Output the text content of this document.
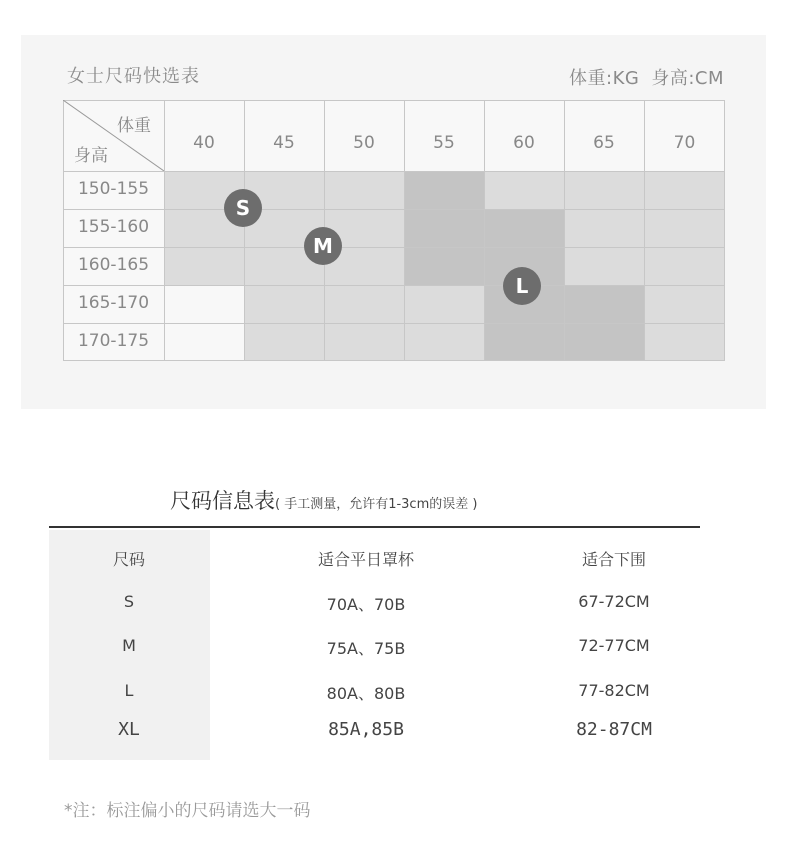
女士尺码快选表	体重:KG 身高:CM
40	45	50	55	60	65	70
150-155
155-160
160-165
165-170
170-175
体重
身高
S
M
L
尺码信息表( 手工测量，允许有1-3cm的误差 )
尺码	适合平日罩杯	适合下围
S	70A、70B	67-72CM
M	75A、75B	72-77CM
L	80A、80B	77-82CM
XL	85A,85B	82-87CM
*注：标注偏小的尺码请选大一码
